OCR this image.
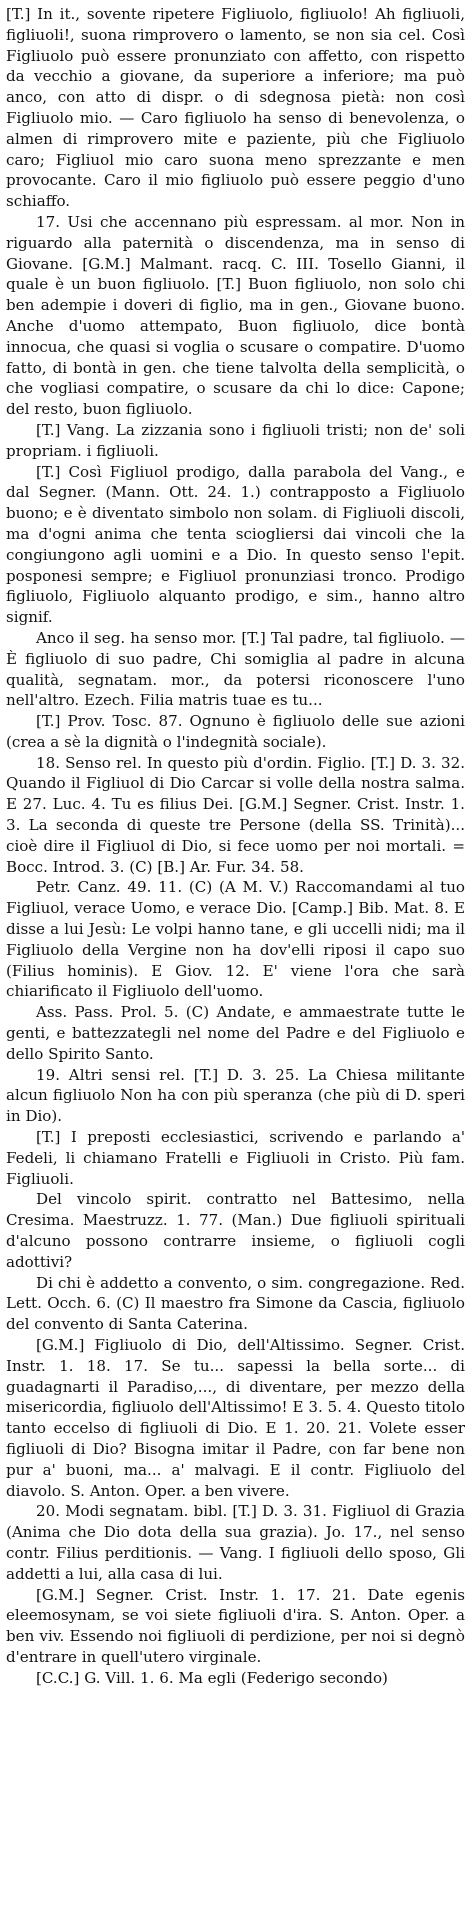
[T.] In it., sovente ripetere Figliuolo, figliuolo! Ah figliuoli, figliuoli!, suona rimprovero o lamento, se non sia cel. Così Figliuolo può essere pronunziato con affetto, con rispetto da vecchio a giovane, da superiore a inferiore; ma può anco, con atto di dispr. o di sdegnosa pietà: non così Figliuolo mio. — Caro figliuolo ha senso di benevolenza, o almen di rimprovero mite e paziente, più che Figliuolo caro; Figliuol mio caro suona meno sprezzante e men provocante. Caro il mio figliuolo può essere peggio d'uno schiaffo.

17. Usi che accennano più espressam. al mor. Non in riguardo alla paternità o discendenza, ma in senso di Giovane. [G.M.] Malmant. racq. C. III. Tosello Gianni, il quale è un buon figliuolo. [T.] Buon figliuolo, non solo chi ben adempie i doveri di figlio, ma in gen., Giovane buono. Anche d'uomo attempato, Buon figliuolo, dice bontà innocua, che quasi si voglia o scusare o compatire. D'uomo fatto, di bontà in gen. che tiene talvolta della semplicità, o che vogliasi compatire, o scusare da chi lo dice: Capone; del resto, buon figliuolo.

[T.] Vang. La zizzania sono i figliuoli tristi; non de' soli propriam. i figliuoli.

[T.] Così Figliuol prodigo, dalla parabola del Vang., e dal Segner. (Mann. Ott. 24. 1.) contrapposto a Figliuolo buono; e è diventato simbolo non solam. di Figliuoli discoli, ma d'ogni anima che tenta sciogliersi dai vincoli che la congiungono agli uomini e a Dio. In questo senso l'epit. posponesi sempre; e Figliuol pronunziasi tronco. Prodigo figliuolo, Figliuolo alquanto prodigo, e sim., hanno altro signif.

Anco il seg. ha senso mor. [T.] Tal padre, tal figliuolo. — È figliuolo di suo padre, Chi somiglia al padre in alcuna qualità, segnatam. mor., da potersi riconoscere l'uno nell'altro. Ezech. Filia matris tuae es tu...

[T.] Prov. Tosc. 87. Ognuno è figliuolo delle sue azioni (crea a sè la dignità o l'indegnità sociale).

18. Senso rel. In questo più d'ordin. Figlio. [T.] D. 3. 32. Quando il Figliuol di Dio Carcar si volle della nostra salma. E 27. Luc. 4. Tu es filius Dei. [G.M.] Segner. Crist. Instr. 1. 3. La seconda di queste tre Persone (della SS. Trinità)... cioè dire il Figliuol di Dio, si fece uomo per noi mortali. = Bocc. Introd. 3. (C) [B.] Ar. Fur. 34. 58.

Petr. Canz. 49. 11. (C) (A M. V.) Raccomandami al tuo Figliuol, verace Uomo, e verace Dio. [Camp.] Bib. Mat. 8. E disse a lui Jesù: Le volpi hanno tane, e gli uccelli nidi; ma il Figliuolo della Vergine non ha dov'elli riposi il capo suo (Filius hominis). E Giov. 12. E' viene l'ora che sarà chiarificato il Figliuolo dell'uomo.

Ass. Pass. Prol. 5. (C) Andate, e ammaestrate tutte le genti, e battezzategli nel nome del Padre e del Figliuolo e dello Spirito Santo.

19. Altri sensi rel. [T.] D. 3. 25. La Chiesa militante alcun figliuolo Non ha con più speranza (che più di D. speri in Dio).

[T.] I preposti ecclesiastici, scrivendo e parlando a' Fedeli, li chiamano Fratelli e Figliuoli in Cristo. Più fam. Figliuoli.

Del vincolo spirit. contratto nel Battesimo, nella Cresima. Maestruzz. 1. 77. (Man.) Due figliuoli spirituali d'alcuno possono contrarre insieme, o figliuoli cogli adottivi?

Di chi è addetto a convento, o sim. congregazione. Red. Lett. Occh. 6. (C) Il maestro fra Simone da Cascia, figliuolo del convento di Santa Caterina.

[G.M.] Figliuolo di Dio, dell'Altissimo. Segner. Crist. Instr. 1. 18. 17. Se tu... sapessi la bella sorte... di guadagnarti il Paradiso,..., di diventare, per mezzo della misericordia, figliuolo dell'Altissimo! E 3. 5. 4. Questo titolo tanto eccelso di figliuoli di Dio. E 1. 20. 21. Volete esser figliuoli di Dio? Bisogna imitar il Padre, con far bene non pur a' buoni, ma... a' malvagi. E il contr. Figliuolo del diavolo. S. Anton. Oper. a ben vivere.

20. Modi segnatam. bibl. [T.] D. 3. 31. Figliuol di Grazia (Anima che Dio dota della sua grazia). Jo. 17., nel senso contr. Filius perditionis. — Vang. I figliuoli dello sposo, Gli addetti a lui, alla casa di lui.

[G.M.] Segner. Crist. Instr. 1. 17. 21. Date egenis eleemosynam, se voi siete figliuoli d'ira. S. Anton. Oper. a ben viv. Essendo noi figliuoli di perdizione, per noi si degnò d'entrare in quell'utero virginale.

[C.C.] G. Vill. 1. 6. Ma egli (Federigo secondo)
